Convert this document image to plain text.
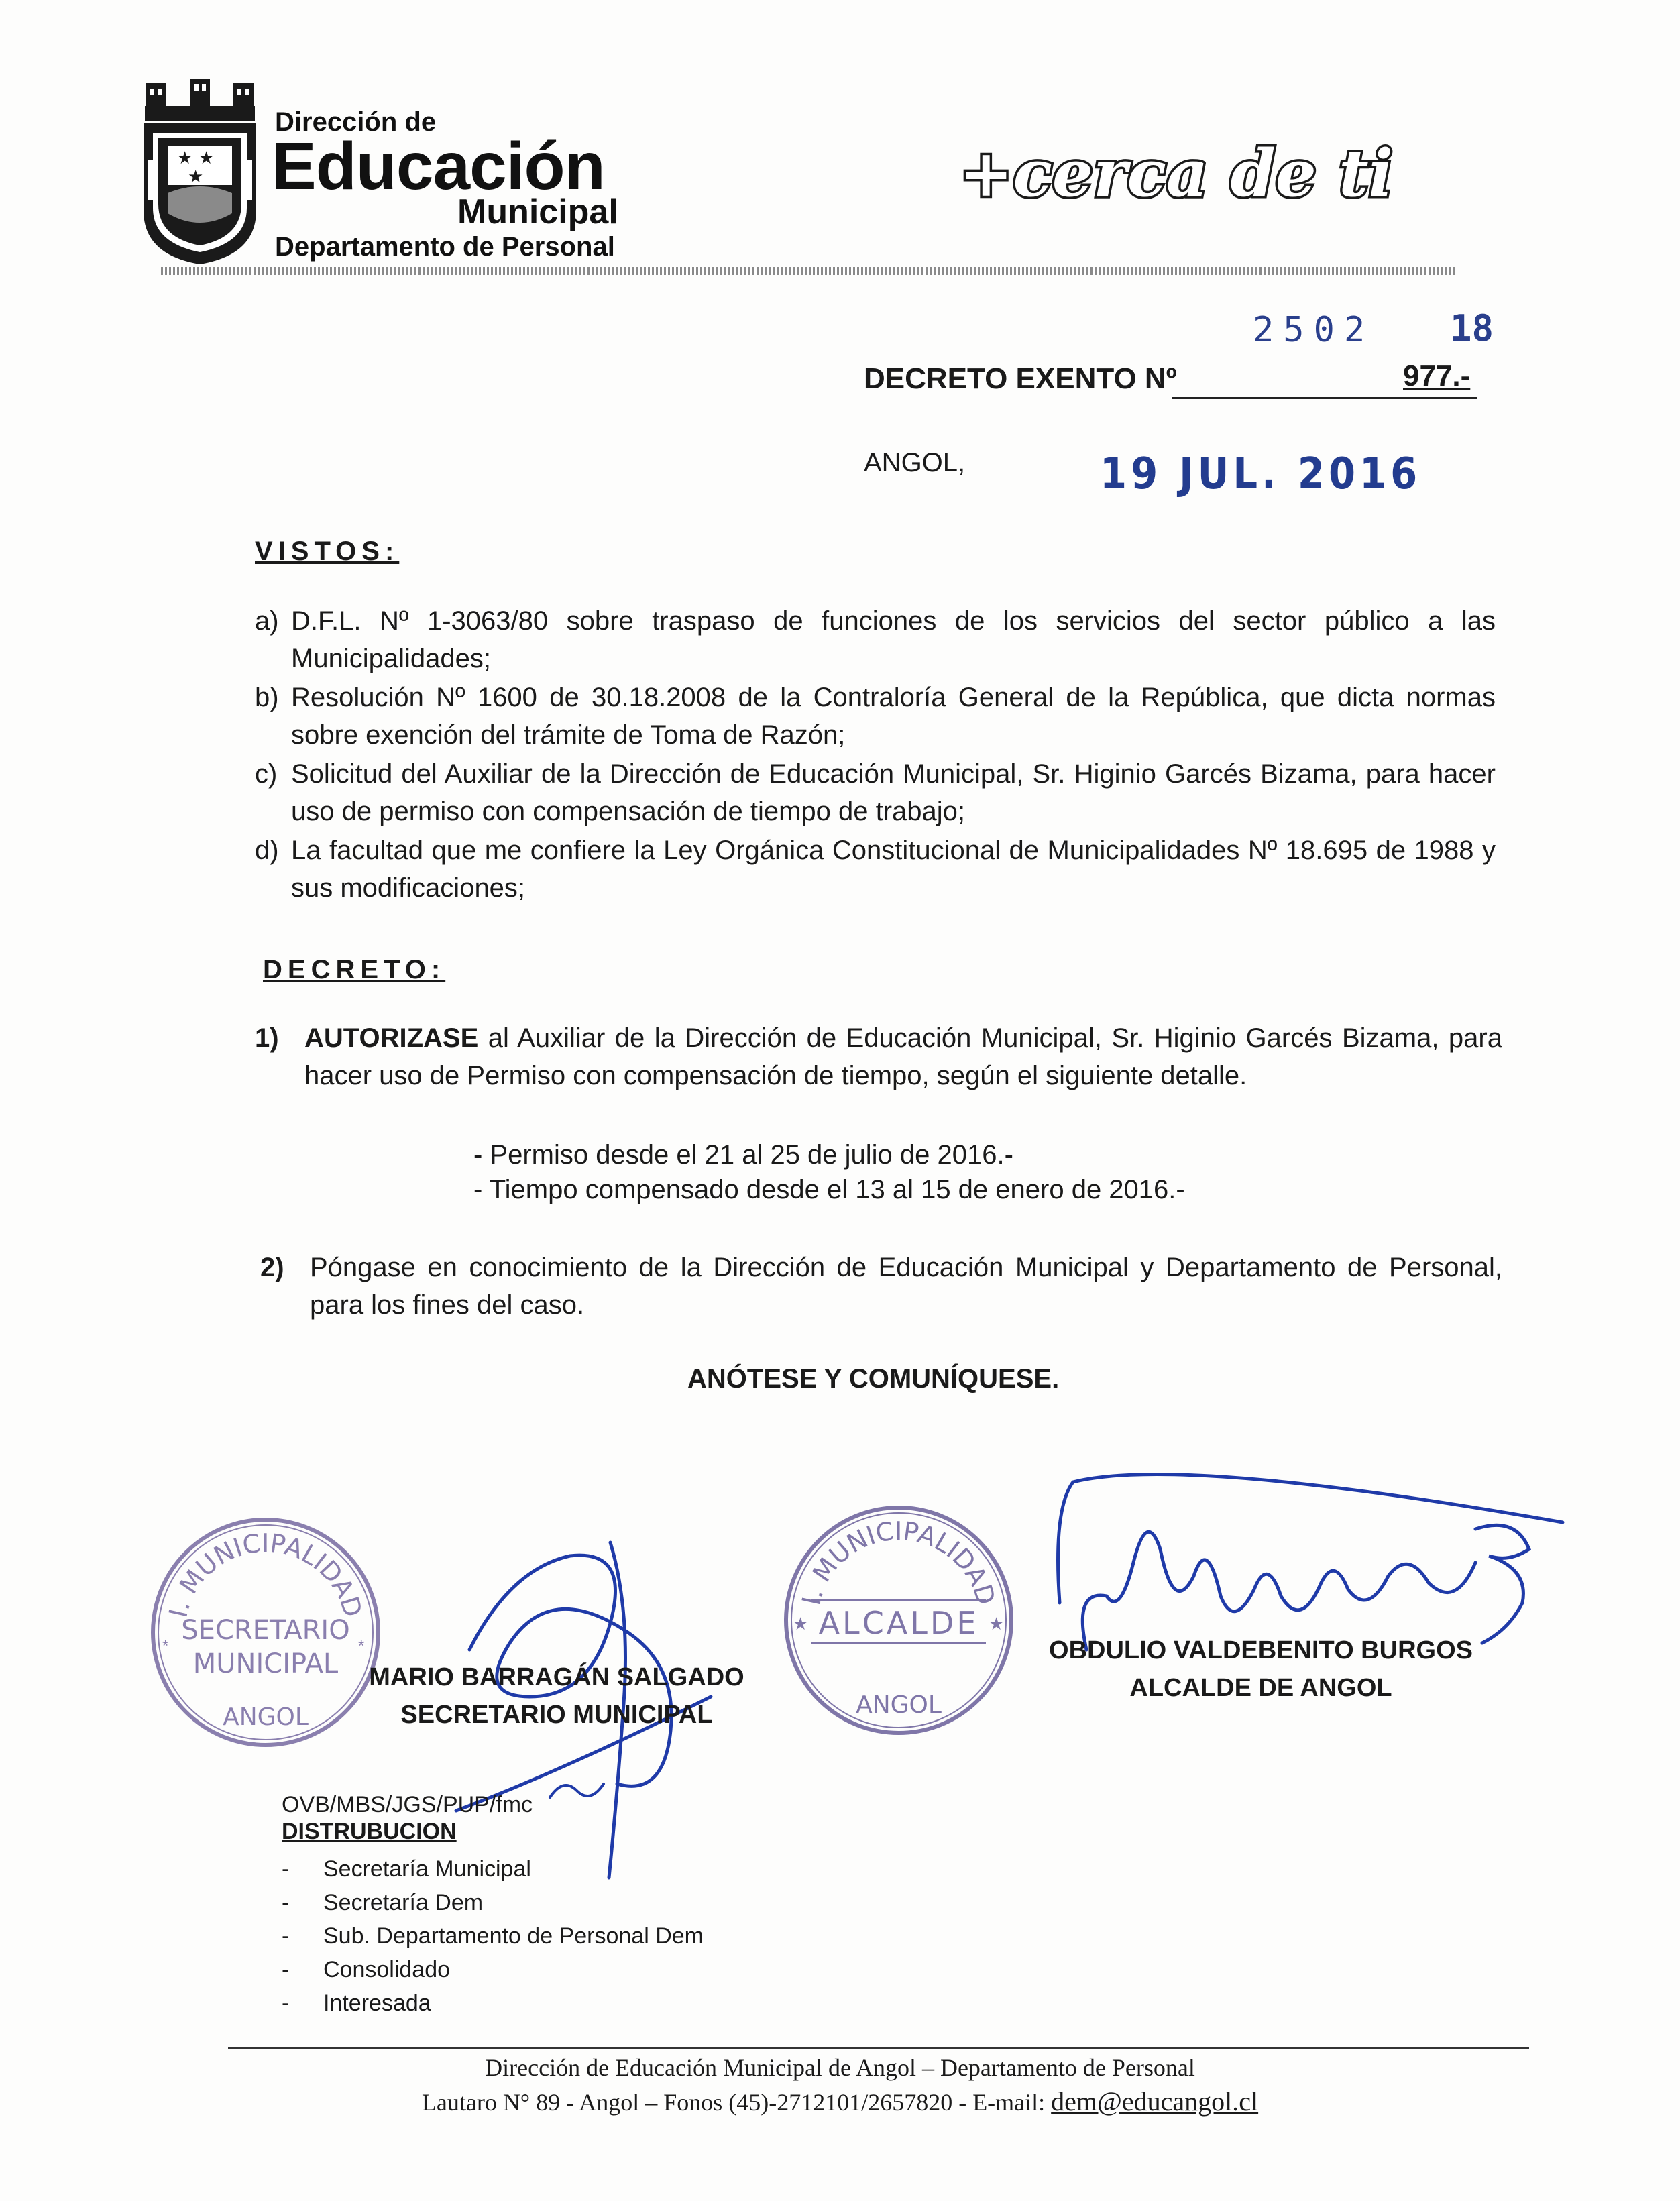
★ ★
★
Dirección de
Educación
Municipal
Departamento de Personal
+cerca de ti
2502 18
DECRETO EXENTO Nº	977.-
ANGOL,	19 JUL. 2016
VISTOS:
a) D.F.L. Nº 1-3063/80 sobre traspaso de funciones de los servicios del sector público a las Municipalidades;
b) Resolución Nº 1600 de 30.18.2008 de la Contraloría General de la República, que dicta normas sobre exención del trámite de Toma de Razón;
c) Solicitud del Auxiliar de la Dirección de Educación Municipal, Sr. Higinio Garcés Bizama, para hacer uso de permiso con compensación de tiempo de trabajo;
d) La facultad que me confiere la Ley Orgánica Constitucional de Municipalidades Nº 18.695 de 1988 y sus modificaciones;
DECRETO:
1) AUTORIZASE al Auxiliar de la Dirección de Educación Municipal, Sr. Higinio Garcés Bizama, para hacer uso de Permiso con compensación de tiempo, según el siguiente detalle.
- Permiso desde el 21 al 25 de julio de 2016.-
- Tiempo compensado desde el 13 al 15 de enero de 2016.-
2) Póngase en conocimiento de la Dirección de Educación Municipal y Departamento de Personal, para los fines del caso.
ANÓTESE Y COMUNÍQUESE.
I. MUNICIPALIDAD
SECRETARIO
MUNICIPAL
ANGOL
*	*
I. MUNICIPALIDAD
ALCALDE
★	★
ANGOL
MARIO BARRAGÁN SALGADO
SECRETARIO MUNICIPAL
OBDULIO VALDEBENITO BURGOS
ALCALDE DE ANGOL
OVB/MBS/JGS/PUP/fmc
DISTRUBUCION
- Secretaría Municipal
- Secretaría Dem
- Sub. Departamento de Personal Dem
- Consolidado
- Interesada
Dirección de Educación Municipal de Angol – Departamento de Personal
Lautaro N° 89 - Angol – Fonos (45)-2712101/2657820 - E-mail: dem@educangol.cl
